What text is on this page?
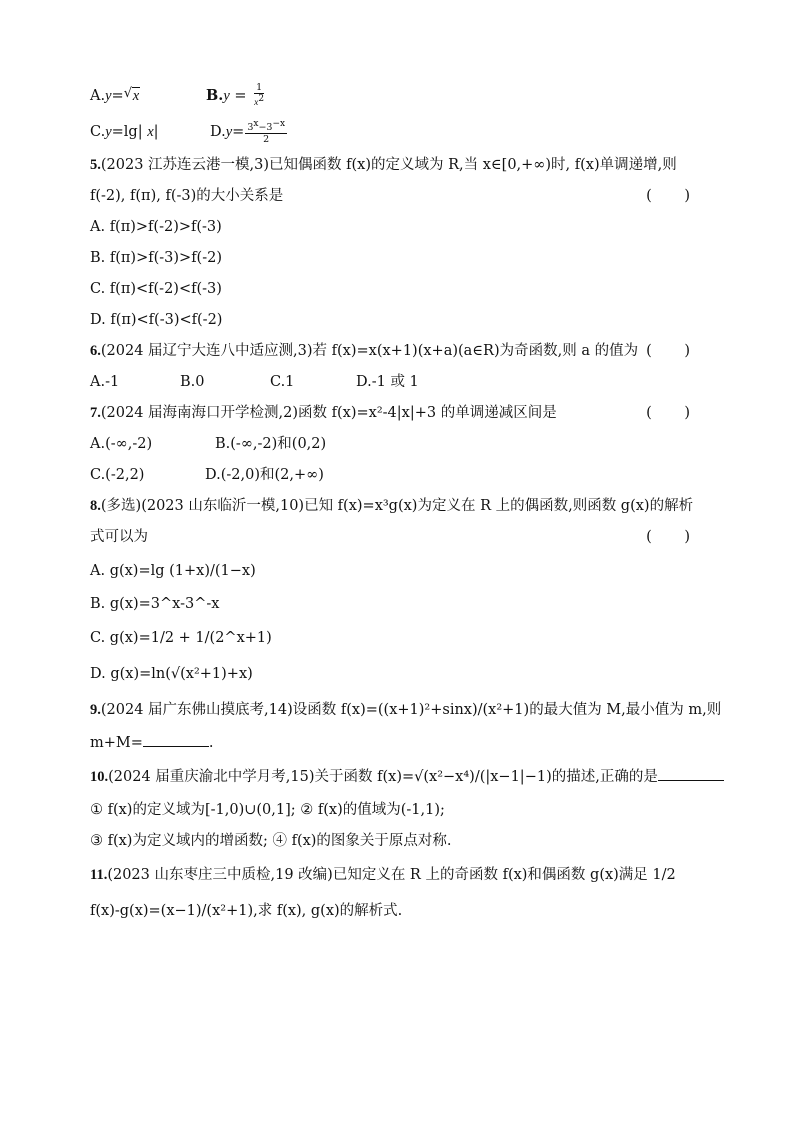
A.y=√ x	$B.y = \frac{1}{x^2}$
C.y=lg| x|	$D.y= \frac{3^x-3^{-x}}{2}$
5.(2023 江苏连云港一模,3)已知偶函数 f(x)的定义域为 R,当 x∈[0,+∞)时, f(x)单调递增,则
f(-2), f(π), f(-3)的大小关系是	( )
A. f(π)>f(-2)>f(-3)
B. f(π)>f(-3)>f(-2)
C. f(π)<f(-2)<f(-3)
D. f(π)<f(-3)<f(-2)
6.(2024 届辽宁大连八中适应测,3)若 f(x)=x(x+1)(x+a)(a∈R)为奇函数,则 a 的值为 ( )
A.-1	B.0	C.1	D.-1 或 1
7.(2024 届海南海口开学检测,2)函数 f(x)=x²-4|x|+3 的单调递减区间是	( )
A.(-∞,-2)	B.(-∞,-2)和(0,2)
C.(-2,2)	D.(-2,0)和(2,+∞)
8.(多选)(2023 山东临沂一模,10)已知 f(x)=x³g(x)为定义在 R 上的偶函数,则函数 g(x)的解析
式可以为	( )
A. g(x)=lg (1+x)/(1−x)
B. g(x)=3^x-3^-x
C. g(x)=1/2 + 1/(2^x+1)
D. g(x)=ln(√(x²+1)+x)
9.(2024 届广东佛山摸底考,14)设函数 f(x)=((x+1)²+sinx)/(x²+1)的最大值为 M,最小值为 m,则
m+M=	.
10.(2024 届重庆渝北中学月考,15)关于函数 f(x)=√(x²−x⁴)/(|x−1|−1)的描述,正确的是
① f(x)的定义域为[-1,0)∪(0,1]; ② f(x)的值域为(-1,1);
③ f(x)为定义域内的增函数; ④ f(x)的图象关于原点对称.
11.(2023 山东枣庄三中质检,19 改编)已知定义在 R 上的奇函数 f(x)和偶函数 g(x)满足 1/2
f(x)-g(x)=(x−1)/(x²+1),求 f(x), g(x)的解析式.
